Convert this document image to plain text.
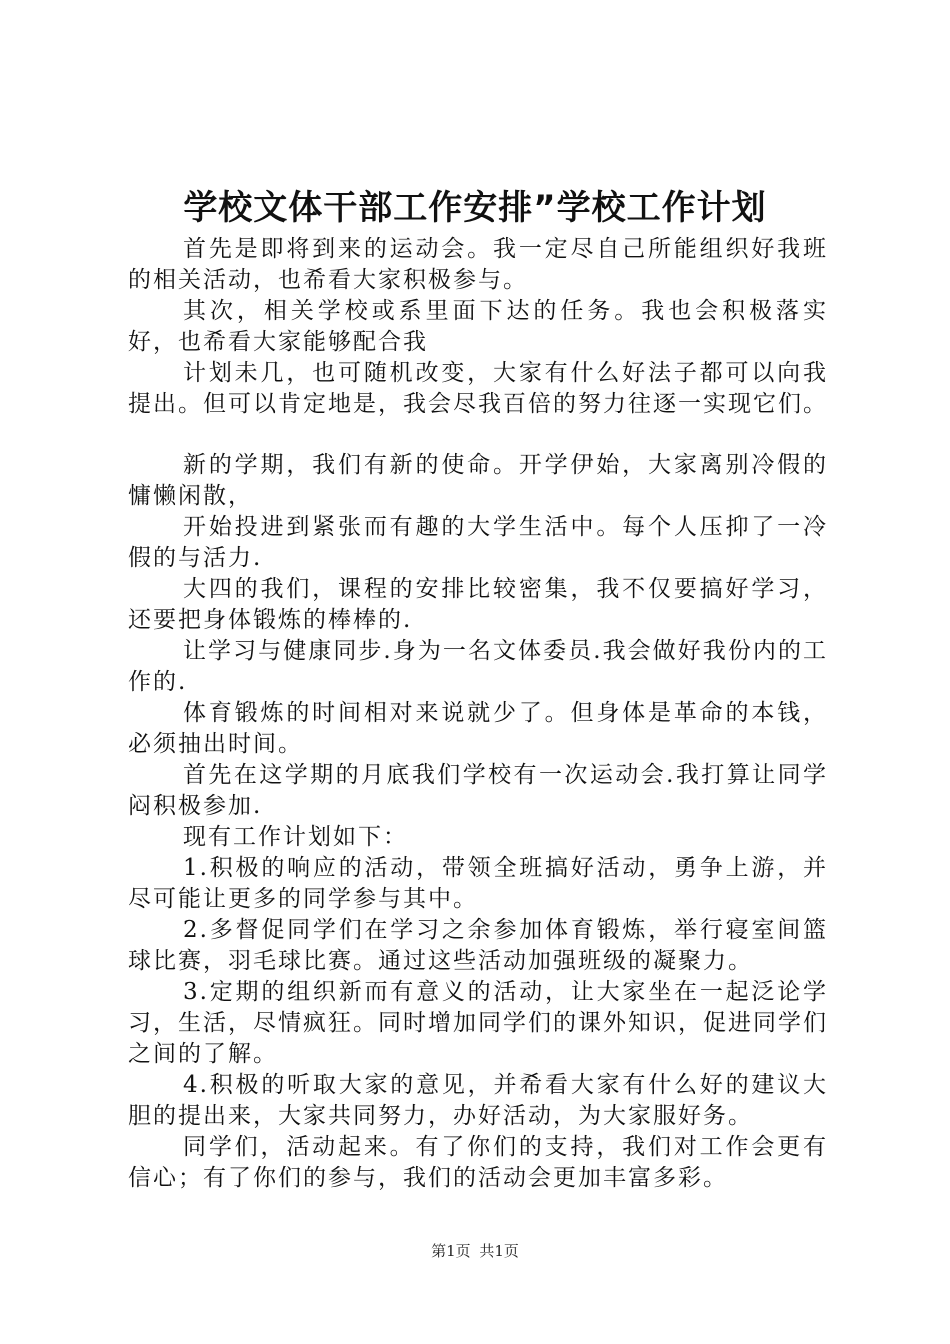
学校文体干部工作安排”学校工作计划

首先是即将到来的运动会。我一定尽自己所能组织好我班的相关活动，也希看大家积极参与。

其次，相关学校或系里面下达的任务。我也会积极落实好，也希看大家能够配合我

计划未几，也可随机改变，大家有什么好法子都可以向我提出。但可以肯定地是，我会尽我百倍的努力往逐一实现它们。

新的学期，我们有新的使命。开学伊始，大家离别冷假的慵懒闲散，

开始投进到紧张而有趣的大学生活中。每个人压抑了一冷假的与活力.

大四的我们，课程的安排比较密集，我不仅要搞好学习，还要把身体锻炼的棒棒的.

让学习与健康同步.身为一名文体委员.我会做好我份内的工作的.

体育锻炼的时间相对来说就少了。但身体是革命的本钱，必须抽出时间。

首先在这学期的月底我们学校有一次运动会.我打算让同学闷积极参加.

现有工作计划如下：

1.积极的响应的活动，带领全班搞好活动，勇争上游，并尽可能让更多的同学参与其中。

2.多督促同学们在学习之余参加体育锻炼，举行寝室间篮球比赛，羽毛球比赛。通过这些活动加强班级的凝聚力。

3.定期的组织新而有意义的活动，让大家坐在一起泛论学习，生活，尽情疯狂。同时增加同学们的课外知识，促进同学们之间的了解。

4.积极的听取大家的意见，并希看大家有什么好的建议大胆的提出来，大家共同努力，办好活动，为大家服好务。

同学们，活动起来。有了你们的支持，我们对工作会更有信心；有了你们的参与，我们的活动会更加丰富多彩。

第1页 共1页
